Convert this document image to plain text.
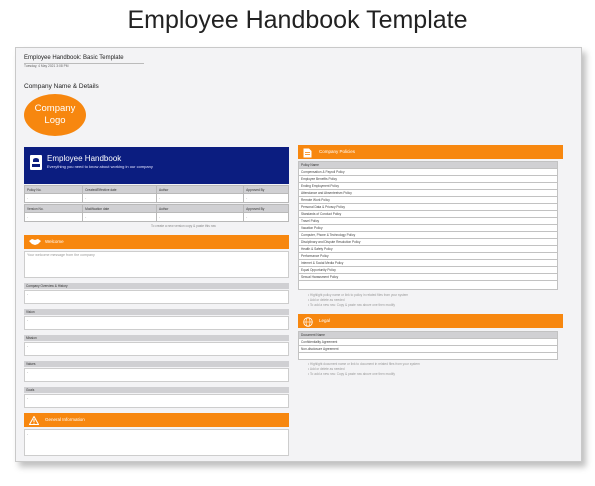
Employee Handbook Template
Employee Handbook: Basic Template
Tuesday, 4 May 2021 3:08 PM
Company Name & Details
Company
Logo
Employee Handbook
Everything you need to know about working in our company
Policy No.	Created/Effective date	Author	Approved By
-	-	-	-

Version No.	Modification date	Author	Approved By
-	-	-	-
To create a new version copy & paste this row
Welcome
Your welcome message from the company
Company Overview & History
-
Vision
-
Mission
-
Values
-
Goals
-
General Information
-
Company Policies
Policy Name
Compensation & Payroll Policy
Employee Benefits Policy
Ending Employment Policy
Attendance and Absenteeism Policy
Remote Work Policy
Personal Data & Privacy Policy
Standards of Conduct Policy
Travel Policy
Vacation Policy
Computer, Phone & Technology Policy
Disciplinary and Dispute Resolution Policy
Health & Safety Policy
Performance Policy
Internet & Social Media Policy
Equal Opportunity Policy
Sexual Harassment Policy

• Highlight policy name or link to policy in related files from your system
• Add or delete as needed
• To add a new row: Copy & paste row above one then modify
Legal
Document Name
Confidentiality Agreement
Non-disclosure Agreement

• Highlight document name or link to document in related files from your system
• Add or delete as needed
• To add a new row: Copy & paste row above one then modify
